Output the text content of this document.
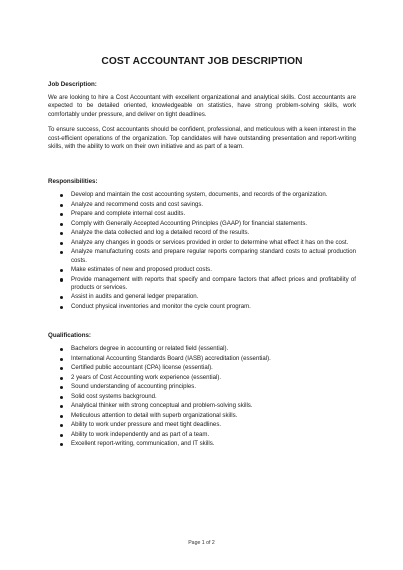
COST ACCOUNTANT JOB DESCRIPTION
Job Description:

We are looking to hire a Cost Accountant with excellent organizational and analytical skills. Cost accountants are expected to be detailed oriented, knowledgeable on statistics, have strong problem-solving skills, work comfortably under pressure, and deliver on tight deadlines.

To ensure success, Cost accountants should be confident, professional, and meticulous with a keen interest in the cost-efficient operations of the organization. Top candidates will have outstanding presentation and report-writing skills, with the ability to work on their own initiative and as part of a team.

Responsibilities:
Develop and maintain the cost accounting system, documents, and records of the organization.
Analyze and recommend costs and cost savings.
Prepare and complete internal cost audits.
Comply with Generally Accepted Accounting Principles (GAAP) for financial statements.
Analyze the data collected and log a detailed record of the results.
Analyze any changes in goods or services provided in order to determine what effect it has on the cost.
Analyze manufacturing costs and prepare regular reports comparing standard costs to actual production costs.
Make estimates of new and proposed product costs.
Provide management with reports that specify and compare factors that affect prices and profitability of products or services.
Assist in audits and general ledger preparation.
Conduct physical inventories and monitor the cycle count program.
Qualifications:
Bachelors degree in accounting or related field (essential).
International Accounting Standards Board (IASB) accreditation (essential).
Certified public accountant (CPA) license (essential).
2 years of Cost Accounting work experience (essential).
Sound understanding of accounting principles.
Solid cost systems background.
Analytical thinker with strong conceptual and problem-solving skills.
Meticulous attention to detail with superb organizational skills.
Ability to work under pressure and meet tight deadlines.
Ability to work independently and as part of a team.
Excellent report-writing, communication, and IT skills.
Page 1 of 2
